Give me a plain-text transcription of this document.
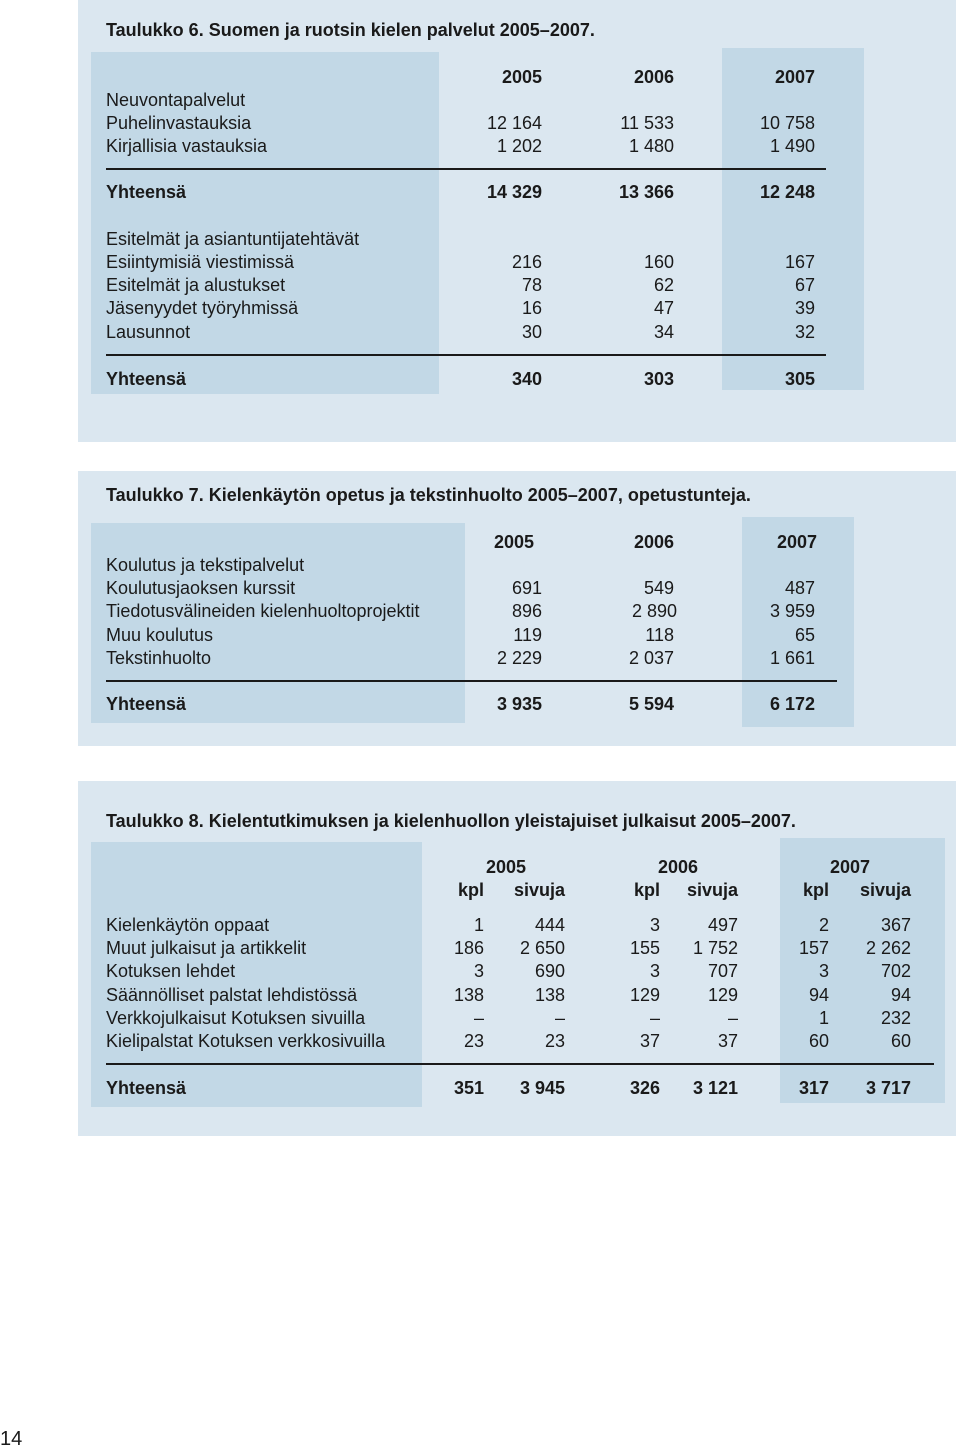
Taulukko 6. Suomen ja ruotsin kielen palvelut 2005–2007.
2005	2006	2007
Neuvontapalvelut
Puhelinvastauksia	12 164	11 533	10 758
Kirjallisia vastauksia	1 202	1 480	1 490
Yhteensä	14 329	13 366	12 248
Esitelmät ja asiantuntijatehtävät
Esiintymisiä viestimissä	216	160	167
Esitelmät ja alustukset	78	62	67
Jäsenyydet työryhmissä	16	47	39
Lausunnot	30	34	32
Yhteensä	340	303	305
Taulukko 7. Kielenkäytön opetus ja tekstinhuolto 2005–2007, opetustunteja.
2005	2006	2007
Koulutus ja tekstipalvelut
Koulutusjaoksen kurssit	691	549	487
Tiedotusvälineiden kielenhuoltoprojektit	896	2 890	3 959
Muu koulutus	119	118	65
Tekstinhuolto	2 229	2 037	1 661
Yhteensä	3 935	5 594	6 172
Taulukko 8. Kielentutkimuksen ja kielenhuollon yleistajuiset julkaisut 2005–2007.
2005	2006	2007
kpl	sivuja	kpl	sivuja	kpl	sivuja
Kielenkäytön oppaat	1	444	3	497	2	367
Muut julkaisut ja artikkelit	186	2 650	155	1 752	157	2 262
Kotuksen lehdet	3	690	3	707	3	702
Säännölliset palstat lehdistössä	138	138	129	129	94	94
Verkkojulkaisut Kotuksen sivuilla	–	–	–	–	1	232
Kielipalstat Kotuksen verkkosivuilla	23	23	37	37	60	60
Yhteensä	351	3 945	326	3 121	317	3 717
14
